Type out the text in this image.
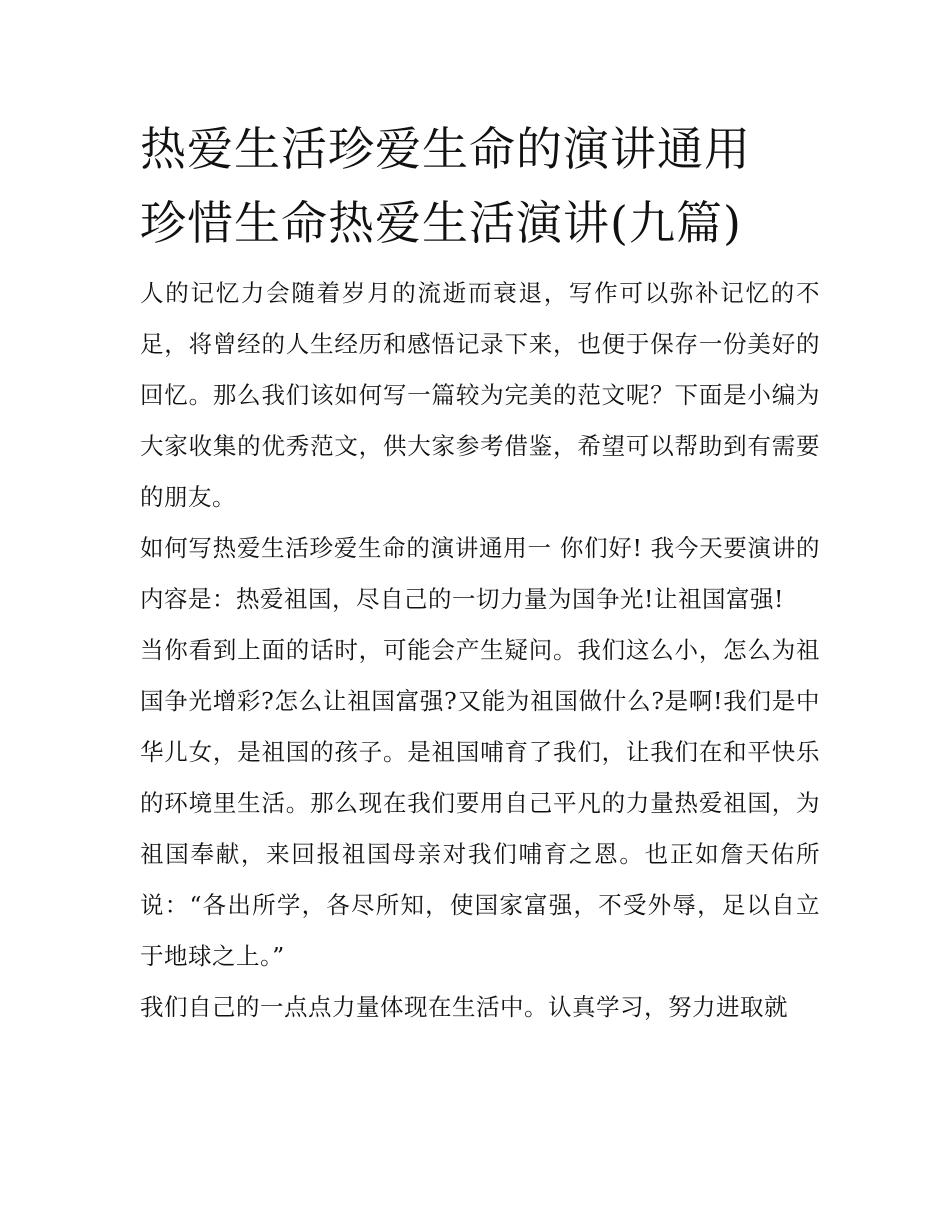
热爱生活珍爱生命的演讲通用
珍惜生命热爱生活演讲(九篇)

人的记忆力会随着岁月的流逝而衰退，写作可以弥补记忆的不足，将曾经的人生经历和感悟记录下来，也便于保存一份美好的回忆。那么我们该如何写一篇较为完美的范文呢？下面是小编为大家收集的优秀范文，供大家参考借鉴，希望可以帮助到有需要的朋友。

如何写热爱生活珍爱生命的演讲通用一 你们好! 我今天要演讲的内容是：热爱祖国，尽自己的一切力量为国争光!让祖国富强!

当你看到上面的话时，可能会产生疑问。我们这么小，怎么为祖国争光增彩?怎么让祖国富强?又能为祖国做什么?是啊!我们是中华儿女，是祖国的孩子。是祖国哺育了我们，让我们在和平快乐的环境里生活。那么现在我们要用自己平凡的力量热爱祖国，为祖国奉献，来回报祖国母亲对我们哺育之恩。也正如詹天佑所说：“各出所学，各尽所知，使国家富强，不受外辱，足以自立于地球之上。”

我们自己的一点点力量体现在生活中。认真学习，努力进取就
